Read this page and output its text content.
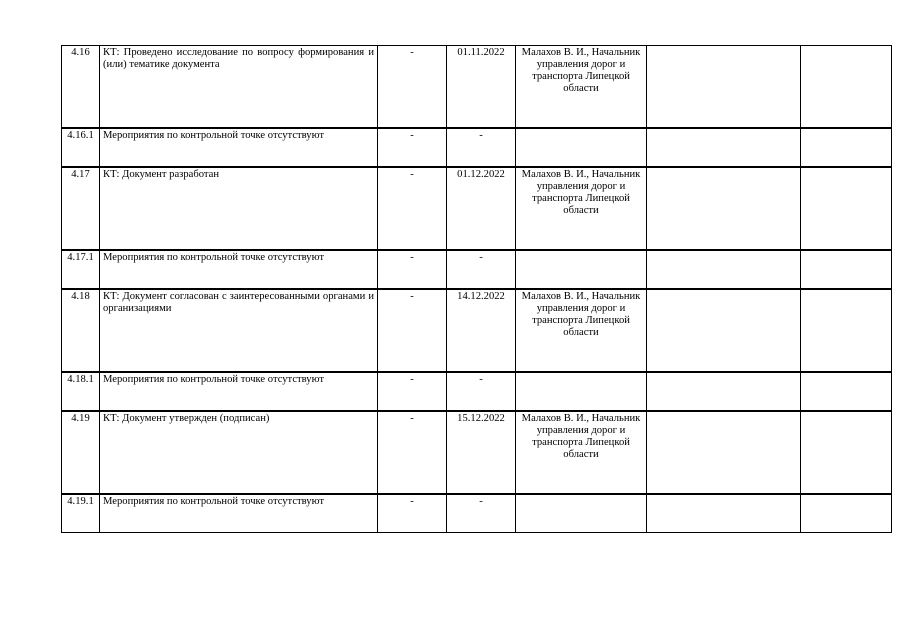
4.16	КТ: Проведено исследование по вопросу формирования и (или) тематике документа	-	01.11.2022	Малахов В. И., Начальник управления дорог и транспорта Липецкой области		
4.16.1	Мероприятия по контрольной точке отсутствуют	-	-			
4.17	КТ: Документ разработан	-	01.12.2022	Малахов В. И., Начальник управления дорог и транспорта Липецкой области		
4.17.1	Мероприятия по контрольной точке отсутствуют	-	-			
4.18	КТ: Документ согласован с заинтересованными органами и организациями	-	14.12.2022	Малахов В. И., Начальник управления дорог и транспорта Липецкой области		
4.18.1	Мероприятия по контрольной точке отсутствуют	-	-			
4.19	КТ: Документ утвержден (подписан)	-	15.12.2022	Малахов В. И., Начальник управления дорог и транспорта Липецкой области		
4.19.1	Мероприятия по контрольной точке отсутствуют	-	-			
